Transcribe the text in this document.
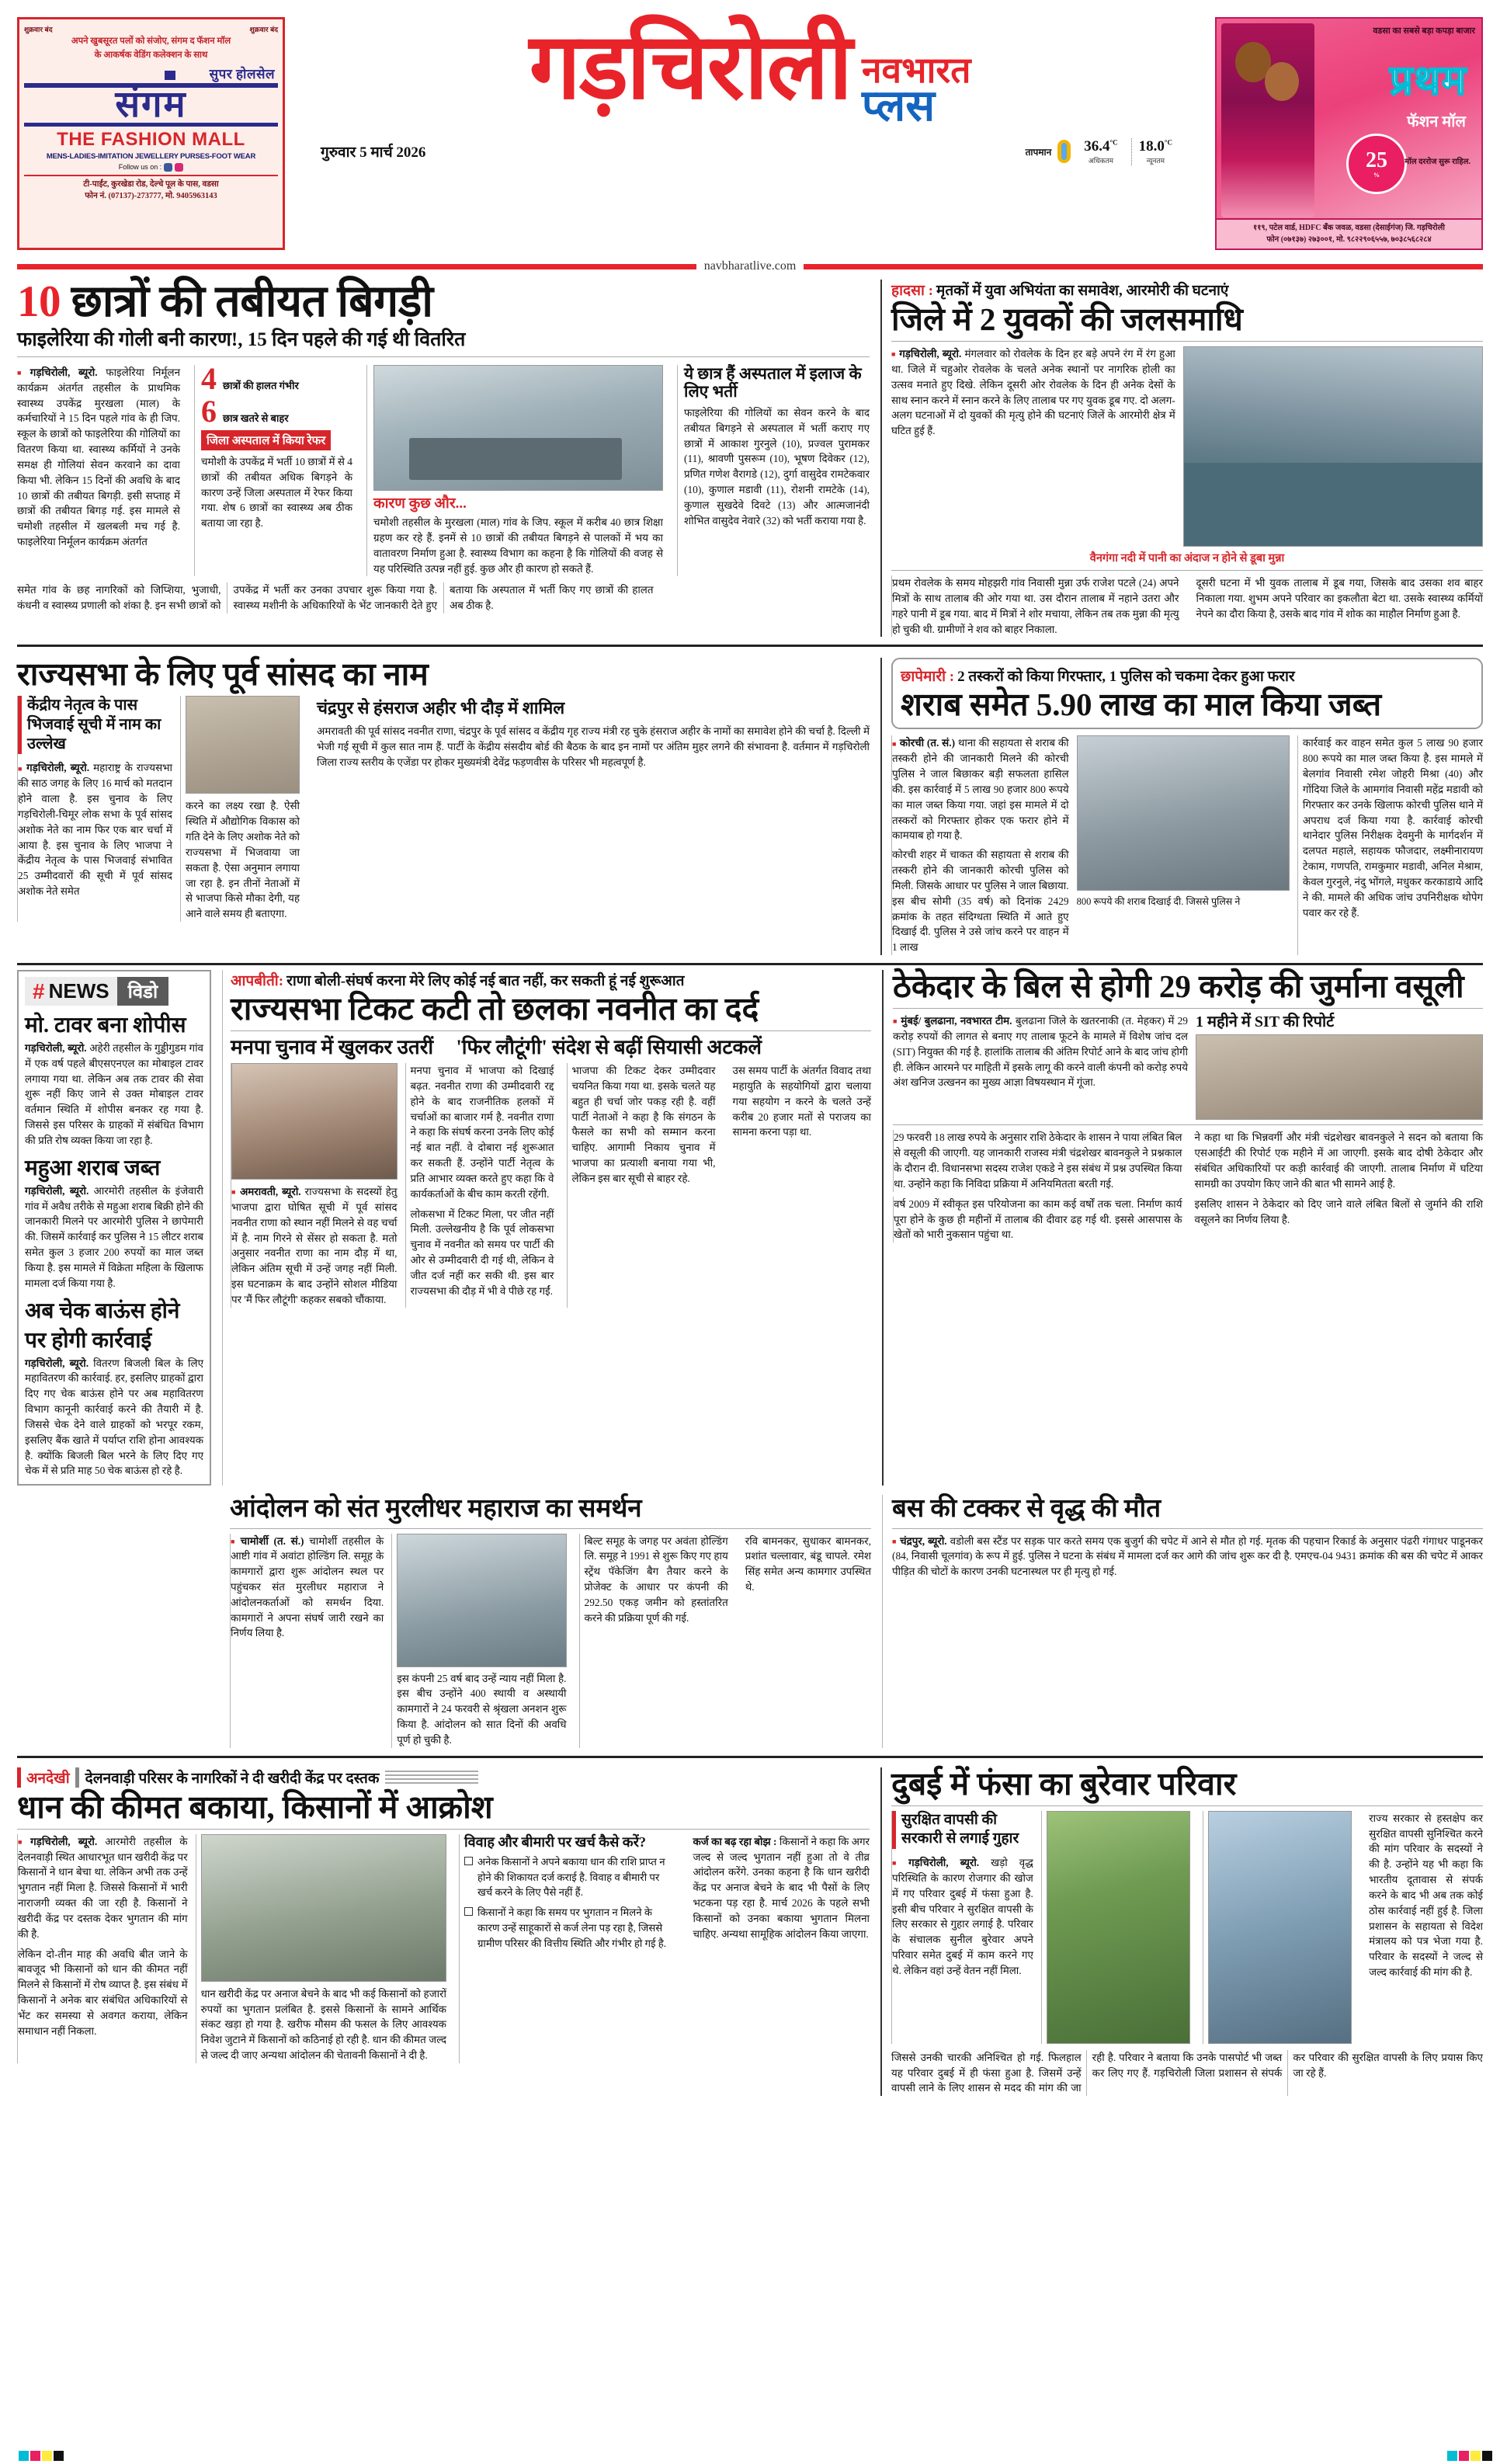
शुक्रवार बंद	शुक्रवार बंद
अपने खुबसूरत पलों को संजोए, संगम द फॅशन मॉल
के आकर्षक वेडिंग कलेक्शन के साथ
सुपर होलसेल
संगम
THE FASHION MALL
MENS-LADIES-IMITATION JEWELLERY PURSES-FOOT WEAR
Follow us on :
टी-पाईंट, कुरखेडा रोड, देल्चे पूल के पास, वडसा
फोन नं. (07137)-273777, मो. 9405963143
गड़चिरोली नवभारत
प्लस
गुरुवार 5 मार्च 2026	तापमान $36.4^{^\circ C}$
अधिकतम
$18.0^{^\circ C}$
न्यूनतम
वडसा का सबसे बड़ा कपड़ा बाजार
प्रथम
फॅशन मॉल
25
%
मॉल दररोज सुरू राहिल.
११९, पटेल वार्ड, HDFC बँक जवळ, वडसा (देसाईगंज) जि. गड़चिरोली
फोन (०७१३७) २७३००१, मो. ९८२२९०६५५७, ७०३८५६८२८४
navbharatlive.com
10 छात्रों की तबीयत बिगड़ी
फाइलेरिया की गोली बनी कारण!, 15 दिन पहले की गई थी वितरित

■ गड़चिरोली, ब्यूरो. फाइलेरिया निर्मूलन कार्यक्रम अंतर्गत तहसील के प्राथमिक स्वास्थ्य उपकेंद्र मुरखला (माल) के कर्मचारियों ने 15 दिन पहले गांव के ही जिप. स्कूल के छात्रों को फाइलेरिया की गोलियों का वितरण किया था. स्वास्थ्य कर्मियों ने उनके समक्ष ही गोलियां सेवन करवाने का दावा किया भी. लेकिन 15 दिनों की अवधि के बाद 10 छात्रों की तबीयत बिगड़ी. इसी सप्ताह में छात्रों की तबीयत बिगड़ गई. इस मामले से चमोेशी तहसील में खलबली मच गई है. फाइलेरिया निर्मूलन कार्यक्रम अंतर्गत

4 छात्रों की हालत गंभीर
6 छात्र खतरे से बाहर
जिला अस्पताल में किया रेफर

चमोेशी के उपकेंद्र में भर्ती 10 छात्रों में से 4 छात्रों की तबीयत अधिक बिगड़ने के कारण उन्हें जिला अस्पताल में रेफर किया गया. शेष 6 छात्रों का स्वास्थ्य अब ठीक बताया जा रहा है.

कारण कुछ और...

चमोेशी तहसील के मुरखला (माल) गांव के जिप. स्कूल में करीब 40 छात्र शिक्षा ग्रहण कर रहे हैं. इनमें से 10 छात्रों की तबीयत बिगड़ने से पालकों में भय का वातावरण निर्माण हुआ है. स्वास्थ्य विभाग का कहना है कि गोलियों की वजह से यह परिस्थिति उत्पन्न नहीं हुई. कुछ और ही कारण हो सकते हैं.

ये छात्र हैं अस्पताल में इलाज के लिए भर्ती

फाइलेरिया की गोलियों का सेवन करने के बाद तबीयत बिगड़ने से अस्पताल में भर्ती कराए गए छात्रों में आकाश गुरनुले (10), प्रज्वल पुरामकर (11), श्रावणी पुसरूम (10), भूषण दिवेकर (12), प्रणित गणेश वैरागडे (12), दुर्गा वासुदेव रामटेकवार (10), कुणाल मडावी (11), रोशनी रामटेके (14), कुणाल सुखदेवे दिवटे (13) और आत्मजानंदी शोभित वासुदेव नेवारे (32) को भर्ती कराया गया है.

समेत गांव के छह नागरिकों को जिप्शिया, भुजाधी, कंधनी व स्वास्थ्य प्रणाली को शंका है. इन सभी छात्रों को उपकेंद्र में भर्ती कर उनका उपचार शुरू किया गया है. स्वास्थ्य मशीनी के अधिकारियों के भेंट जानकारी देते हुए बताया कि अस्पताल में भर्ती किए गए छात्रों की हालत अब ठीक है.

हादसा : मृतकों में युवा अभियंता का समावेश, आरमोरी की घटनाएं
जिले में 2 युवकों की जलसमाधि

■ गड़चिरोली, ब्यूरो. मंगलवार को रोवलेक के दिन हर बड़े अपने रंग में रंग हुआ था. जिले में चहुओर रोवलेक के चलते अनेक स्थानों पर नागरिक होली का उत्सव मनाते हुए दिखे. लेकिन दूसरी ओर रोवलेक के दिन ही अनेक देसों के साथ स्नान करने में स्नान करने के लिए तालाब पर गए युवक डूब गए. दो अलग-अलग घटनाओं में दो युवकों की मृत्यु होने की घटनाएं जिलें के आरमोरी क्षेत्र में घटित हुई हैं.

वैनगंगा नदी में पानी का अंदाज न होने से डूबा मुन्ना

प्रथम रोवलेक के समय मोहझरी गांव निवासी मुन्ना उर्फ राजेश पटले (24) अपने मित्रों के साथ तालाब की ओर गया था. उस दौरान तालाब में नहाने उतरा और गहरे पानी में डूब गया. बाद में मित्रों ने शोर मचाया, लेकिन तब तक मुन्ना की मृत्यु हो चुकी थी. ग्रामीणों ने शव को बाहर निकाला.

दूसरी घटना में भी युवक तालाब में डूब गया, जिसके बाद उसका शव बाहर निकाला गया. शुभम अपने परिवार का इकलौता बेटा था. उसके स्वास्थ्य कर्मियों नेपने का दौरा किया है, उसके बाद गांव में शोक का माहौल निर्माण हुआ है.

राज्यसभा के लिए पूर्व सांसद का नाम
केंद्रीय नेतृत्व के पास भिजवाई सूची में नाम का उल्लेख

■ गड़चिरोली, ब्यूरो. महाराष्ट्र के राज्यसभा की साठ जगह के लिए 16 मार्च को मतदान होने वाला है. इस चुनाव के लिए गड़चिरोली-चिमूर लोक सभा के पूर्व सांसद अशोक नेते का नाम फिर एक बार चर्चा में आया है. इस चुनाव के लिए भाजपा ने केंद्रीय नेतृत्व के पास भिजवाई संभावित 25 उम्मीदवारों की सूची में पूर्व सांसद अशोक नेते समेत

करने का लक्ष्य रखा है. ऐसी स्थिति में औद्योगिक विकास को गति देने के लिए अशोक नेते को राज्यसभा में भिजवाया जा सकता है. ऐसा अनुमान लगाया जा रहा है. इन तीनों नेताओं में से भाजपा किसे मौका देगी, यह आने वाले समय ही बताएगा.

चंद्रपुर से हंसराज अहीर भी दौड़ में शामिल

अमरावती की पूर्व सांसद नवनीत राणा, चंद्रपुर के पूर्व सांसद व केंद्रीय गृह राज्य मंत्री रह चुके हंसराज अहीर के नामों का समावेश होने की चर्चा है. दिल्ली में भेजी गई सूची में कुल सात नाम हैं. पार्टी के केंद्रीय संसदीय बोर्ड की बैठक के बाद इन नामों पर अंतिम मुहर लगने की संभावना है. वर्तमान में गड़चिरोली जिला राज्य स्तरीय के एजेंडा पर होकर मुख्यमंत्री देवेंद्र फड़णवीस के परिसर भी महत्वपूर्ण है.

छापेमारी : 2 तस्करों को किया गिरफ्तार, 1 पुलिस को चकमा देकर हुआ फरार
शराब समेत 5.90 लाख का माल किया जब्त

■ कोरची (त. सं.) थाना की सहायता से शराब की तस्करी होने की जानकारी मिलने की कोरची पुलिस ने जाल बिछाकर बड़ी सफलता हासिल की. इस कार्रवाई में 5 लाख 90 हजार 800 रूपये का माल जब्त किया गया. जहां इस मामले में दो तस्करों को गिरफ्तार होकर एक फरार होने में कामयाब हो गया है.

कोरची शहर में चाकत की सहायता से शराब की तस्करी होने की जानकारी कोरची पुलिस को मिली. जिसके आधार पर पुलिस ने जाल बिछाया. इस बीच सोमी (35 वर्ष) को दिनांक 2429 क्रमांक के तहत संदिग्धता स्थिति में आते हुए दिखाई दी. पुलिस ने उसे जांच करने पर वाहन में 1 लाख

800 रूपये की शराब दिखाई दी. जिससे पुलिस ने

कार्रवाई कर वाहन समेत कुल 5 लाख 90 हजार 800 रूपये का माल जब्त किया है. इस मामले में बेलगांव निवासी रमेश जोहरी मिश्रा (40) और गोंदिया जिले के आमगांव निवासी महेंद्र मडावी को गिरफ्तार कर उनके खिलाफ कोरची पुलिस थाने में अपराध दर्ज किया गया है. कार्रवाई कोरची थानेदार पुलिस निरीक्षक देवमुनी के मार्गदर्शन में दलपत महाले, सहायक फौजदार, लक्ष्मीनारायण टेकाम, गणपति, रामकुमार मडावी, अनिल मेश्राम, केवल गुरनुले, नंदु भोंगले, मधुकर करकाडाये आदि ने की. मामले की अधिक जांच उपनिरीक्षक थोपेग पवार कर रहे हैं.

# NEWS	विडो
मो. टावर बना शोपीस

गड़चिरोली, ब्यूरो. अहेरी तहसील के गुड्डीगुडम गांव में एक वर्ष पहले बीएसएनएल का मोबाइल टावर लगाया गया था. लेकिन अब तक टावर की सेवा शुरू नहीं किए जाने से उक्त मोबाइल टावर वर्तमान स्थिति में शोपीस बनकर रह गया है. जिससे इस परिसर के ग्राहकों में संबंधित विभाग की प्रति रोष व्यक्त किया जा रहा है.

महुआ शराब जब्त

गड़चिरोली, ब्यूरो. आरमोरी तहसील के इंजेवारी गांव में अवैध तरीके से महुआ शराब बिक्री होने की जानकारी मिलने पर आरमोरी पुलिस ने छापेमारी की. जिसमें कार्रवाई कर पुलिस ने 15 लीटर शराब समेत कुल 3 हजार 200 रुपयों का माल जब्त किया है. इस मामले में विक्रेता महिला के खिलाफ मामला दर्ज किया गया है.

अब चेक बाऊंस होने पर होगी कार्रवाई

गड़चिरोली, ब्यूरो. वितरण बिजली बिल के लिए महावितरण की कार्रवाई. हर, इसलिए ग्राहकों द्वारा दिए गए चेक बाऊंस होने पर अब महावितरण विभाग कानूनी कार्रवाई करने की तैयारी में है. जिससे चेक देने वाले ग्राहकों को भरपूर रकम, इसलिए बैंक खाते में पर्याप्त राशि होना आवश्यक है. क्योंकि बिजली बिल भरने के लिए दिए गए चेक में से प्रति माह 50 चेक बाऊंस हो रहे है.

आपबीती: राणा बोली-संघर्ष करना मेरे लिए कोई नई बात नहीं, कर सकती हूं नई शुरूआत
राज्यसभा टिकट कटी तो छलका नवनीत का दर्द
मनपा चुनाव में खुलकर उतरीं	'फिर लौटूंगी' संदेश से बढ़ीं सियासी अटकलें

■ अमरावती, ब्यूरो. राज्यसभा के सदस्यों हेतु भाजपा द्वारा घोषित सूची में पूर्व सांसद नवनीत राणा को स्थान नहीं मिलने से वह चर्चा में है. नाम गिरने से सेंसर हो सकता है. मतो अनुसार नवनीत राणा का नाम दौड़ में था, लेकिन अंतिम सूची में उन्हें जगह नहीं मिली. इस घटनाक्रम के बाद उन्होंने सोशल मीडिया पर 'मैं फिर लौटूंगी' कहकर सबको चौंकाया.

मनपा चुनाव में भाजपा को दिखाई बढ़त. नवनीत राणा की उम्मीदवारी रद्द होने के बाद राजनीतिक हलकों में चर्चाओं का बाजार गर्म है. नवनीत राणा ने कहा कि संघर्ष करना उनके लिए कोई नई बात नहीं. वे दोबारा नई शुरूआत कर सकती हैं. उन्होंने पार्टी नेतृत्व के प्रति आभार व्यक्त करते हुए कहा कि वे कार्यकर्ताओं के बीच काम करती रहेंगी.

लोकसभा में टिकट मिला, पर जीत नहीं मिली. उल्लेखनीय है कि पूर्व लोकसभा चुनाव में नवनीत को समय पर पार्टी की ओर से उम्मीदवारी दी गई थी, लेकिन वे जीत दर्ज नहीं कर सकी थी. इस बार राज्यसभा की दौड़ में भी वे पीछे रह गईं.

भाजपा की टिकट देकर उम्मीदवार चयनित किया गया था. इसके चलते यह बहुत ही चर्चा जोर पकड़ रही है. वहीं पार्टी नेताओं ने कहा है कि संगठन के फैसले का सभी को सम्मान करना चाहिए. आगामी निकाय चुनाव में भाजपा का प्रत्याशी बनाया गया भी, लेकिन इस बार सूची से बाहर रहे.

उस समय पार्टी के अंतर्गत विवाद तथा महायुति के सहयोगियों द्वारा चलाया गया सहयोग न करने के चलते उन्हें करीब 20 हजार मतों से पराजय का सामना करना पड़ा था.

ठेकेदार के बिल से होगी 29 करोड़ की जुर्माना वसूली

■ मुंबई/ बुलढाना, नवभारत टीम. बुलढाना जिले के खतरनाकी (त. मेहकर) में 29 करोड़ रुपयों की लागत से बनाए गए तालाब फूटने के मामले में विशेष जांच दल (SIT) नियुक्त की गई है. हालांकि तालाब की अंतिम रिपोर्ट आने के बाद जांच होगी ही. लेकिन आरमने पर माहिती में इसके लागू की करने वाली कंपनी को करोड़ रुपये अंश खनिज उत्खनन का मुख्य आज्ञा विषयस्थान में गूंजा.

1 महीने में SIT की रिपोर्ट

29 फरवरी 18 लाख रुपये के अनुसार राशि ठेकेदार के शासन ने पाया लंबित बिल से वसूली की जाएगी. यह जानकारी राजस्व मंत्री चंद्रशेखर बावनकुले ने प्रश्नकाल के दौरान दी. विधानसभा सदस्य राजेश एकडे ने इस संबंध में प्रश्न उपस्थित किया था. उन्होंने कहा कि निविदा प्रक्रिया में अनियमितता बरती गई.

ने कहा था कि भिन्नवर्गी और मंत्री चंद्रशेखर बावनकुले ने सदन को बताया कि एसआईटी की रिपोर्ट एक महीने में आ जाएगी. इसके बाद दोषी ठेकेदार और संबंधित अधिकारियों पर कड़ी कार्रवाई की जाएगी. तालाब निर्माण में घटिया सामग्री का उपयोग किए जाने की बात भी सामने आई है.

वर्ष 2009 में स्वीकृत इस परियोजना का काम कई वर्षों तक चला. निर्माण कार्य पूरा होने के कुछ ही महीनों में तालाब की दीवार ढह गई थी. इससे आसपास के खेतों को भारी नुकसान पहुंचा था.

इसलिए शासन ने ठेकेदार को दिए जाने वाले लंबित बिलों से जुर्माने की राशि वसूलने का निर्णय लिया है.

आंदोलन को संत मुरलीधर महाराज का समर्थन

■ चामोर्शी (त. सं.) चामोर्शी तहसील के आष्टी गांव में अवांटा होल्डिंग लि. समूह के कामगारों द्वारा शुरू आंदोलन स्थल पर पहुंचकर संत मुरलीधर महाराज ने आंदोलनकर्ताओं को समर्थन दिया. कामगारों ने अपना संघर्ष जारी रखने का निर्णय लिया है.

इस कंपनी 25 वर्ष बाद उन्हें न्याय नहीं मिला है. इस बीच उन्होंने 400 स्थायी व अस्थायी कामगारों ने 24 फरवरी से श्रृंखला अनशन शुरू किया है. आंदोलन को सात दिनों की अवधि पूर्ण हो चुकी है.

बिल्ट समूह के जगह पर अवंता होल्डिंग लि. समूह ने 1991 से शुरू किए गए हाय स्ट्रेंथ पॅकेजिंग बैग तैयार करने के प्रोजेक्ट के आधार पर कंपनी की 292.50 एकड़ जमीन को हस्तांतरित करने की प्रक्रिया पूर्ण की गई.

रवि बामनकर, सुधाकर बामनकर, प्रशांत चल्लावार, बंडू चापले. रमेश सिंह समेत अन्य कामगार उपस्थित थे.

बस की टक्कर से वृद्ध की मौत

■ चंद्रपुर, ब्यूरो. वडोली बस स्टैंड पर सड़क पार करते समय एक बुजुर्ग की चपेट में आने से मौत हो गई. मृतक की पहचान रिकार्ड के अनुसार पंढरी गंगाधर पाडूनकर (84, निवासी चूलगांव) के रूप में हुई. पुलिस ने घटना के संबंध में मामला दर्ज कर आगे की जांच शुरू कर दी है. एमएच-04 9431 क्रमांक की बस की चपेट में आकर पीड़ित की चोटों के कारण उनकी घटनास्थल पर ही मृत्यु हो गई.

अनदेखी	देलनवाड़ी परिसर के नागरिकों ने दी खरीदी केंद्र पर दस्तक
धान की कीमत बकाया, किसानों में आक्रोश

■ गड़चिरोली, ब्यूरो. आरमोरी तहसील के देलनवाड़ी स्थित आधारभूत धान खरीदी केंद्र पर किसानों ने धान बेचा था. लेकिन अभी तक उन्हें भुगतान नहीं मिला है. जिससे किसानों में भारी नाराजगी व्यक्त की जा रही है. किसानों ने खरीदी केंद्र पर दस्तक देकर भुगतान की मांग की है.

लेकिन दो-तीन माह की अवधि बीत जाने के बावजूद भी किसानों को धान की कीमत नहीं मिलने से किसानों में रोष व्याप्त है. इस संबंध में किसानों ने अनेक बार संबंधित अधिकारियों से भेंट कर समस्या से अवगत कराया, लेकिन समाधान नहीं निकला.

धान खरीदी केंद्र पर अनाज बेचने के बाद भी कई किसानों को हजारों रुपयों का भुगतान प्रलंबित है. इससे किसानों के सामने आर्थिक संकट खड़ा हो गया है. खरीफ मौसम की फसल के लिए आवश्यक निवेश जुटाने में किसानों को कठिनाई हो रही है. धान की कीमत जल्द से जल्द दी जाए अन्यथा आंदोलन की चेतावनी किसानों ने दी है.

विवाह और बीमारी पर खर्च कैसे करें?
अनेक किसानों ने अपने बकाया धान की राशि प्राप्त न होने की शिकायत दर्ज कराई है. विवाह व बीमारी पर खर्च करने के लिए पैसे नहीं हैं.
किसानों ने कहा कि समय पर भुगतान न मिलने के कारण उन्हें साहूकारों से कर्ज लेना पड़ रहा है, जिससे ग्रामीण परिसर की वित्तीय स्थिति और गंभीर हो गई है.

कर्ज का बढ़ रहा बोझ : किसानों ने कहा कि अगर जल्द से जल्द भुगतान नहीं हुआ तो वे तीव्र आंदोलन करेंगे. उनका कहना है कि धान खरीदी केंद्र पर अनाज बेचने के बाद भी पैसों के लिए भटकना पड़ रहा है. मार्च 2026 के पहले सभी किसानों को उनका बकाया भुगतान मिलना चाहिए. अन्यथा सामूहिक आंदोलन किया जाएगा.

दुबई में फंसा का बुरेवार परिवार
सुरक्षित वापसी की सरकारी से लगाई गुहार

■ गड़चिरोली, ब्यूरो. खड़ाे वृद्ध परिस्थिति के कारण रोजगार की खोज में गए परिवार दुबई में फंसा हुआ है. इसी बीच परिवार ने सुरक्षित वापसी के लिए सरकार से गुहार लगाई है. परिवार के संचालक सुनील बुरेवार अपने परिवार समेत दुबई में काम करने गए थे. लेकिन वहां उन्हें वेतन नहीं मिला.

राज्य सरकार से हस्तक्षेप कर सुरक्षित वापसी सुनिश्चित करने की मांग परिवार के सदस्यों ने की है. उन्होंने यह भी कहा कि भारतीय दूतावास से संपर्क करने के बाद भी अब तक कोई ठोस कार्रवाई नहीं हुई है. जिला प्रशासन के सहायता से विदेश मंत्रालय को पत्र भेजा गया है. परिवार के सदस्यों ने जल्द से जल्द कार्रवाई की मांग की है.

जिससे उनकी चारकी अनिश्चित हो गई. फिलहाल यह परिवार दुबई में ही फंसा हुआ है. जिसमें उन्हें वापसी लाने के लिए शासन से मदद की मांग की जा रही है. परिवार ने बताया कि उनके पासपोर्ट भी जब्त कर लिए गए हैं. गड़चिरोली जिला प्रशासन से संपर्क कर परिवार की सुरक्षित वापसी के लिए प्रयास किए जा रहे हैं.
